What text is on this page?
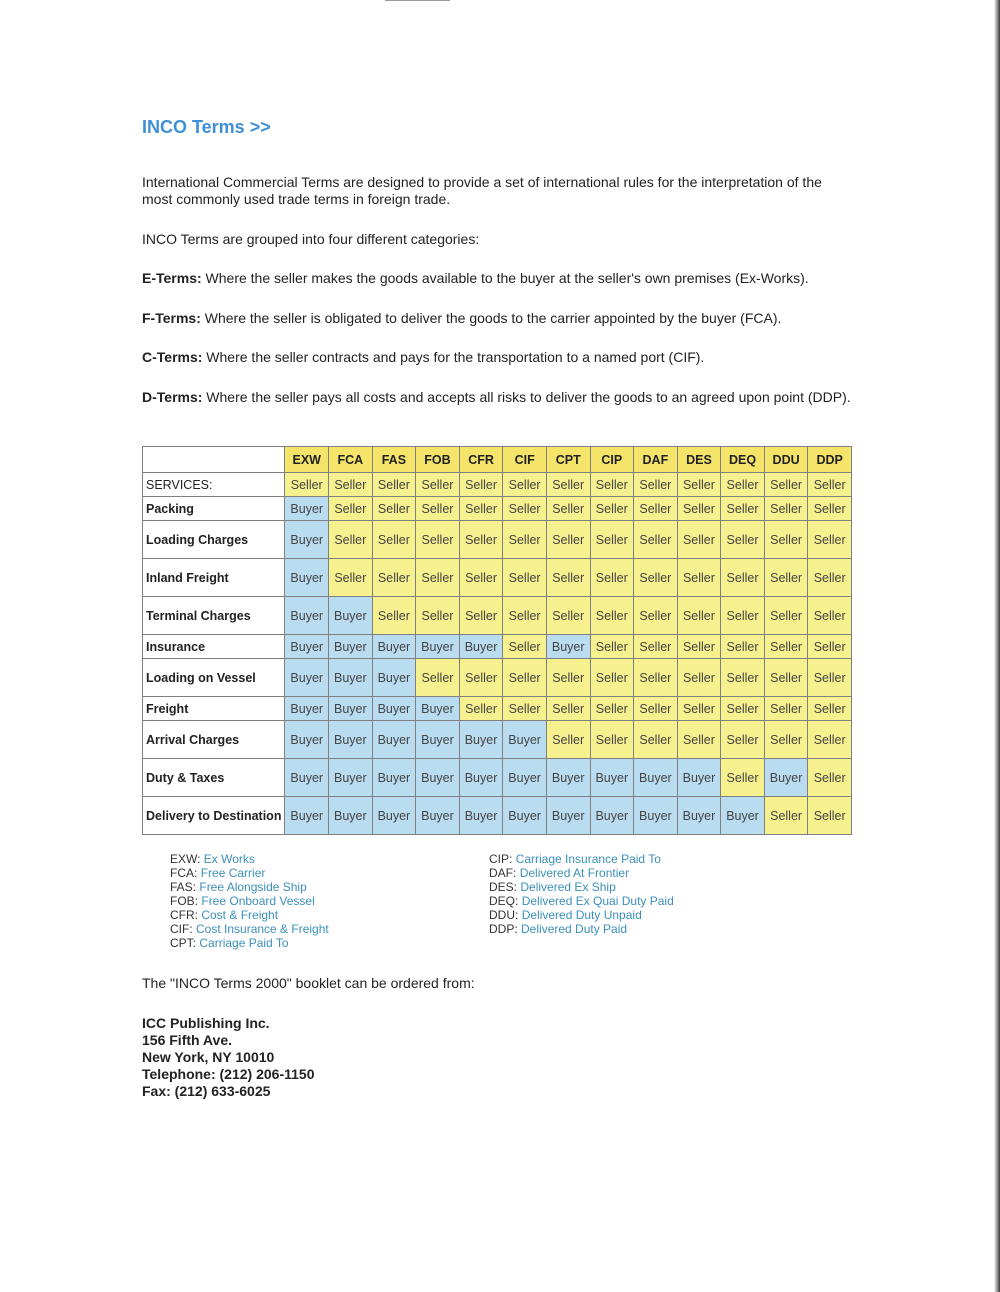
INCO Terms >>
International Commercial Terms are designed to provide a set of international rules for the interpretation of the most commonly used trade terms in foreign trade.
INCO Terms are grouped into four different categories:
E-Terms: Where the seller makes the goods available to the buyer at the seller's own premises (Ex-Works).
F-Terms: Where the seller is obligated to deliver the goods to the carrier appointed by the buyer (FCA).
C-Terms: Where the seller contracts and pays for the transportation to a named port (CIF).
D-Terms: Where the seller pays all costs and accepts all risks to deliver the goods to an agreed upon point (DDP).
	EXW	FCA	FAS	FOB	CFR	CIF	CPT	CIP	DAF	DES	DEQ	DDU	DDP
SERVICES:	Seller	Seller	Seller	Seller	Seller	Seller	Seller	Seller	Seller	Seller	Seller	Seller	Seller
Packing	Buyer	Seller	Seller	Seller	Seller	Seller	Seller	Seller	Seller	Seller	Seller	Seller	Seller
Loading Charges	Buyer	Seller	Seller	Seller	Seller	Seller	Seller	Seller	Seller	Seller	Seller	Seller	Seller
Inland Freight	Buyer	Seller	Seller	Seller	Seller	Seller	Seller	Seller	Seller	Seller	Seller	Seller	Seller
Terminal Charges	Buyer	Buyer	Seller	Seller	Seller	Seller	Seller	Seller	Seller	Seller	Seller	Seller	Seller
Insurance	Buyer	Buyer	Buyer	Buyer	Buyer	Seller	Buyer	Seller	Seller	Seller	Seller	Seller	Seller
Loading on Vessel	Buyer	Buyer	Buyer	Seller	Seller	Seller	Seller	Seller	Seller	Seller	Seller	Seller	Seller
Freight	Buyer	Buyer	Buyer	Buyer	Seller	Seller	Seller	Seller	Seller	Seller	Seller	Seller	Seller
Arrival Charges	Buyer	Buyer	Buyer	Buyer	Buyer	Buyer	Seller	Seller	Seller	Seller	Seller	Seller	Seller
Duty & Taxes	Buyer	Buyer	Buyer	Buyer	Buyer	Buyer	Buyer	Buyer	Buyer	Buyer	Seller	Buyer	Seller
Delivery to Destination	Buyer	Buyer	Buyer	Buyer	Buyer	Buyer	Buyer	Buyer	Buyer	Buyer	Buyer	Seller	Seller
EXW: Ex Works
FCA: Free Carrier
FAS: Free Alongside Ship
FOB: Free Onboard Vessel
CFR: Cost & Freight
CIF: Cost Insurance & Freight
CPT: Carriage Paid To
CIP: Carriage Insurance Paid To
DAF: Delivered At Frontier
DES: Delivered Ex Ship
DEQ: Delivered Ex Quai Duty Paid
DDU: Delivered Duty Unpaid
DDP: Delivered Duty Paid
The "INCO Terms 2000" booklet can be ordered from:
ICC Publishing Inc.
156 Fifth Ave.
New York, NY 10010
Telephone: (212) 206-1150
Fax: (212) 633-6025
